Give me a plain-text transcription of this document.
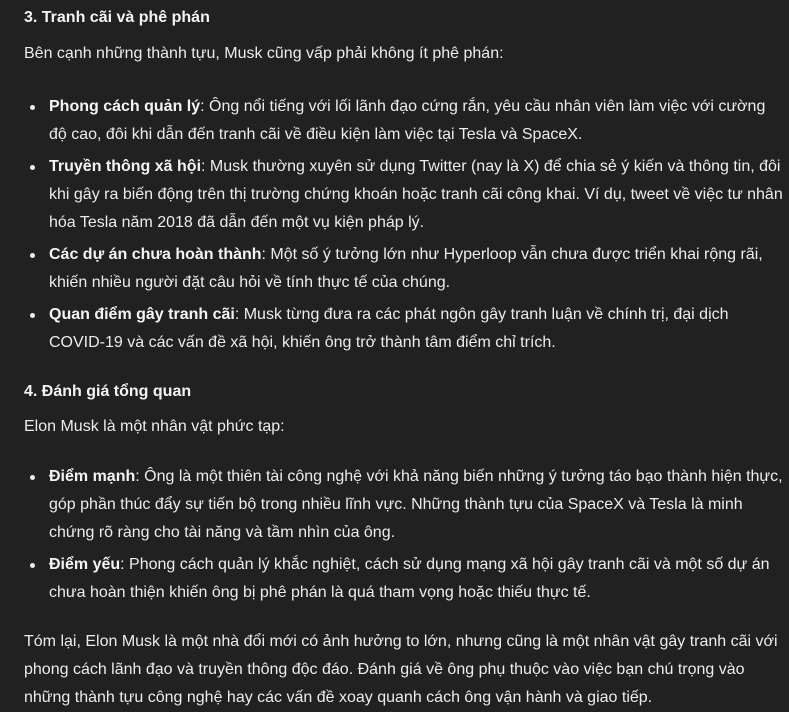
3. Tranh cãi và phê phán

Bên cạnh những thành tựu, Musk cũng vấp phải không ít phê phán:

Phong cách quản lý: Ông nổi tiếng với lối lãnh đạo cứng rắn, yêu cầu nhân viên làm việc với cường độ cao, đôi khi dẫn đến tranh cãi về điều kiện làm việc tại Tesla và SpaceX.
Truyền thông xã hội: Musk thường xuyên sử dụng Twitter (nay là X) để chia sẻ ý kiến và thông tin, đôi khi gây ra biến động trên thị trường chứng khoán hoặc tranh cãi công khai. Ví dụ, tweet về việc tư nhân hóa Tesla năm 2018 đã dẫn đến một vụ kiện pháp lý.
Các dự án chưa hoàn thành: Một số ý tưởng lớn như Hyperloop vẫn chưa được triển khai rộng rãi, khiến nhiều người đặt câu hỏi về tính thực tế của chúng.
Quan điểm gây tranh cãi: Musk từng đưa ra các phát ngôn gây tranh luận về chính trị, đại dịch COVID-19 và các vấn đề xã hội, khiến ông trở thành tâm điểm chỉ trích.
4. Đánh giá tổng quan

Elon Musk là một nhân vật phức tạp:

Điểm mạnh: Ông là một thiên tài công nghệ với khả năng biến những ý tưởng táo bạo thành hiện thực, góp phần thúc đẩy sự tiến bộ trong nhiều lĩnh vực. Những thành tựu của SpaceX và Tesla là minh chứng rõ ràng cho tài năng và tầm nhìn của ông.
Điểm yếu: Phong cách quản lý khắc nghiệt, cách sử dụng mạng xã hội gây tranh cãi và một số dự án chưa hoàn thiện khiến ông bị phê phán là quá tham vọng hoặc thiếu thực tế.

Tóm lại, Elon Musk là một nhà đổi mới có ảnh hưởng to lớn, nhưng cũng là một nhân vật gây tranh cãi với phong cách lãnh đạo và truyền thông độc đáo. Đánh giá về ông phụ thuộc vào việc bạn chú trọng vào những thành tựu công nghệ hay các vấn đề xoay quanh cách ông vận hành và giao tiếp.
